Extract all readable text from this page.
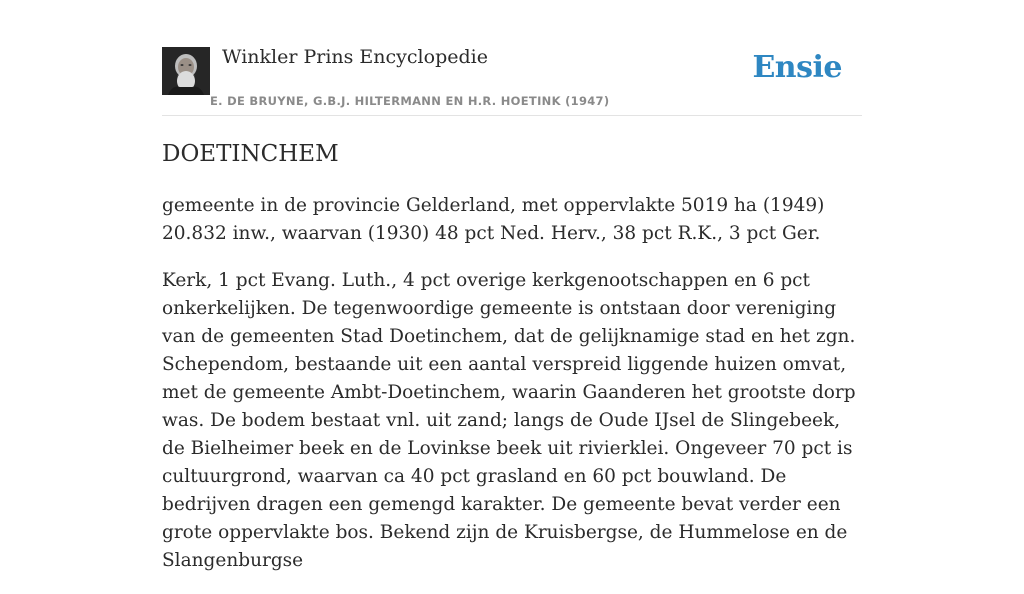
Winkler Prins Encyclopedie
E. DE BRUYNE, G.B.J. HILTERMANN EN H.R. HOETINK (1947)
Ensie
DOETINCHEM

gemeente in de provincie Gelderland, met oppervlakte 5019 ha (1949) 20.832 inw., waarvan (1930) 48 pct Ned. Herv., 38 pct R.K., 3 pct Ger.

Kerk, 1 pct Evang. Luth., 4 pct overige kerkgenootschappen en 6 pct onkerkelijken. De tegenwoordige gemeente is ontstaan door vereniging van de gemeenten Stad Doetinchem, dat de gelijknamige stad en het zgn. Schependom, bestaande uit een aantal verspreid liggende huizen omvat, met de gemeente Ambt-Doetinchem, waarin Gaanderen het grootste dorp was. De bodem bestaat vnl. uit zand; langs de Oude IJsel de Slingebeek, de Bielheimer beek en de Lovinkse beek uit rivierklei. Ongeveer 70 pct is cultuurgrond, waarvan ca 40 pct grasland en 60 pct bouwland. De bedrijven dragen een gemengd karakter. De gemeente bevat verder een grote oppervlakte bos. Bekend zijn de Kruisbergse, de Hummelose en de Slangenburgse
